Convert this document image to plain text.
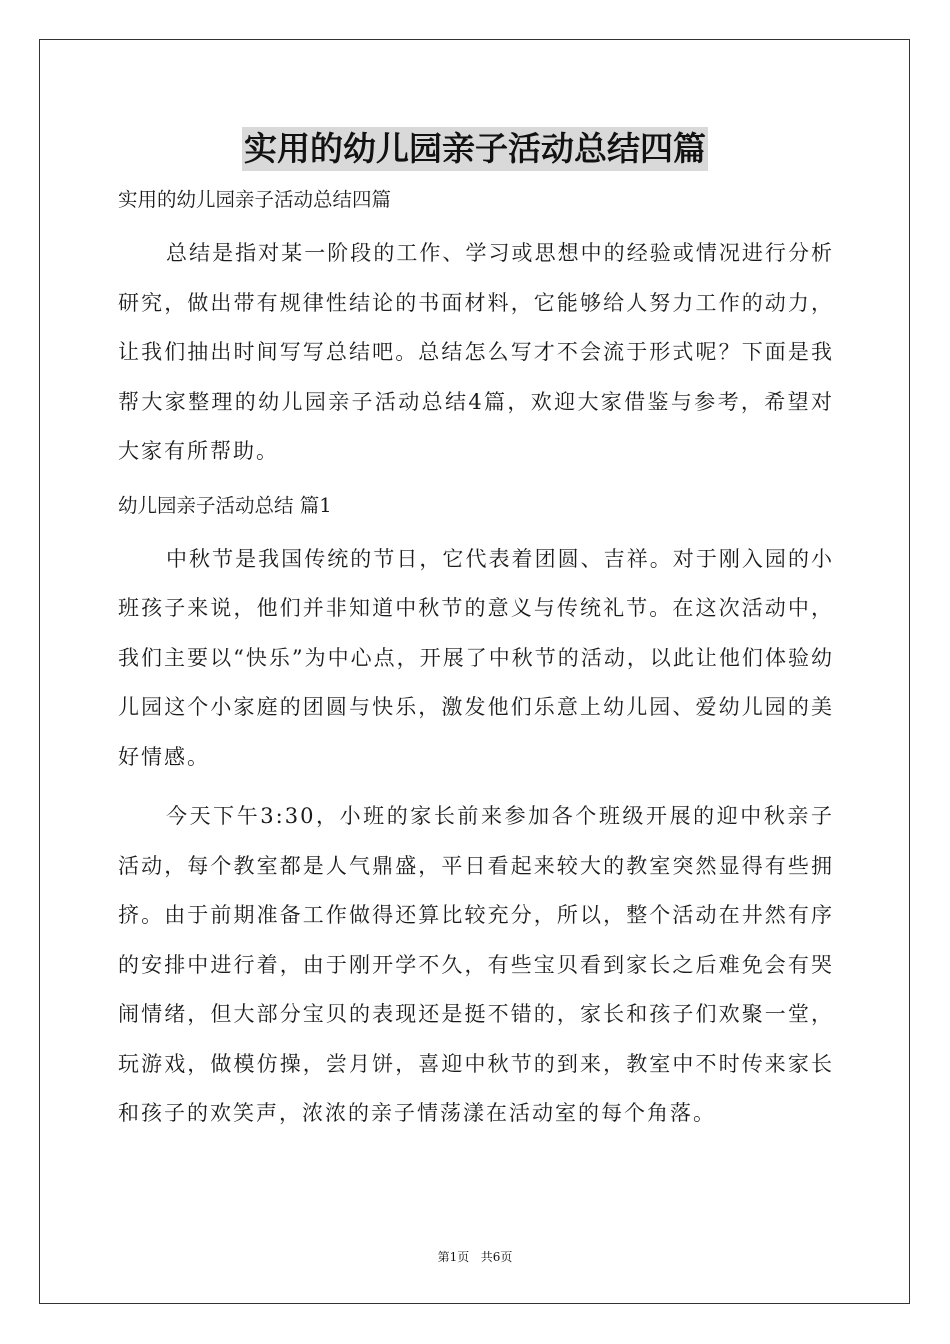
实用的幼儿园亲子活动总结四篇

实用的幼儿园亲子活动总结四篇

总结是指对某一阶段的工作、学习或思想中的经验或情况进行分析研究，做出带有规律性结论的书面材料，它能够给人努力工作的动力，让我们抽出时间写写总结吧。总结怎么写才不会流于形式呢？下面是我帮大家整理的幼儿园亲子活动总结4篇，欢迎大家借鉴与参考，希望对大家有所帮助。

幼儿园亲子活动总结 篇1

中秋节是我国传统的节日，它代表着团圆、吉祥。对于刚入园的小班孩子来说，他们并非知道中秋节的意义与传统礼节。在这次活动中，我们主要以“快乐”为中心点，开展了中秋节的活动，以此让他们体验幼儿园这个小家庭的团圆与快乐，激发他们乐意上幼儿园、爱幼儿园的美好情感。

今天下午3:30，小班的家长前来参加各个班级开展的迎中秋亲子活动，每个教室都是人气鼎盛，平日看起来较大的教室突然显得有些拥挤。由于前期准备工作做得还算比较充分，所以，整个活动在井然有序的安排中进行着，由于刚开学不久，有些宝贝看到家长之后难免会有哭闹情绪，但大部分宝贝的表现还是挺不错的，家长和孩子们欢聚一堂，玩游戏，做模仿操，尝月饼，喜迎中秋节的到来，教室中不时传来家长和孩子的欢笑声，浓浓的亲子情荡漾在活动室的每个角落。

第1页   共6页
